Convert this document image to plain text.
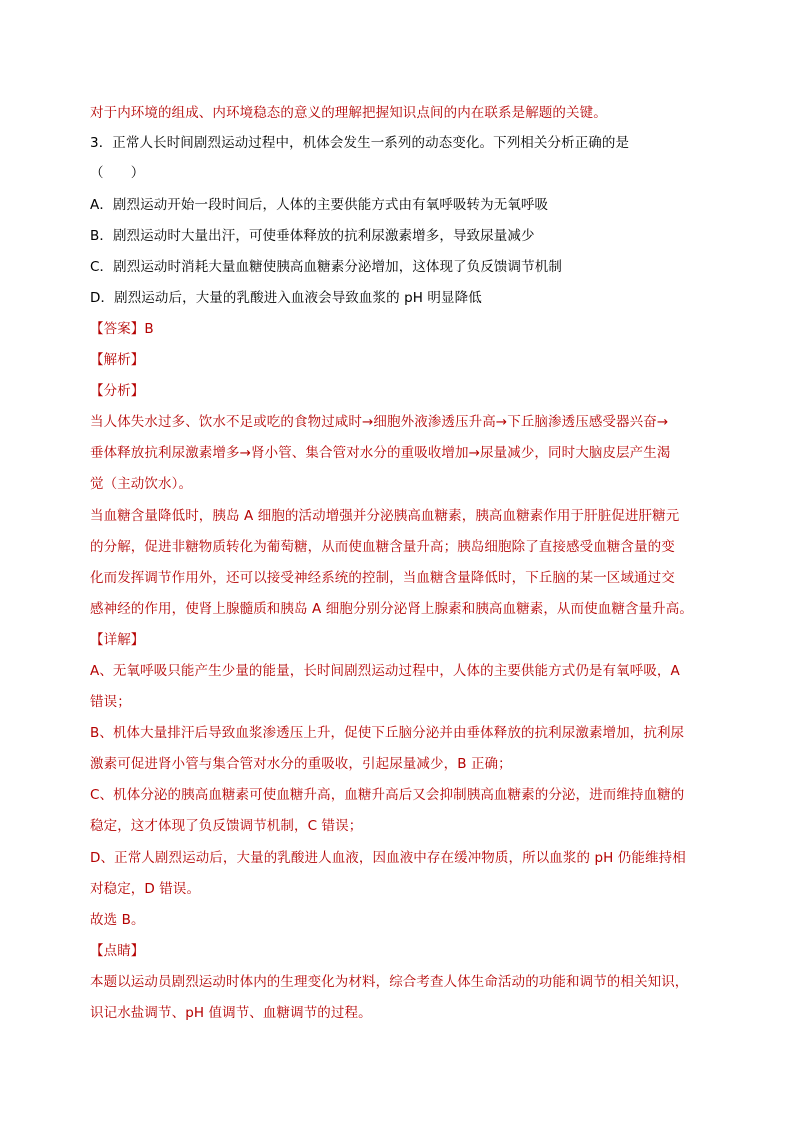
对于内环境的组成、内环境稳态的意义的理解把握知识点间的内在联系是解题的关键。
3．正常人长时间剧烈运动过程中，机体会发生一系列的动态变化。下列相关分析正确的是
（　　）
A．剧烈运动开始一段时间后，人体的主要供能方式由有氧呼吸转为无氧呼吸
B．剧烈运动时大量出汗，可使垂体释放的抗利尿激素增多，导致尿量减少
C．剧烈运动时消耗大量血糖使胰高血糖素分泌增加，这体现了负反馈调节机制
D．剧烈运动后，大量的乳酸进入血液会导致血浆的 pH 明显降低
【答案】B
【解析】
【分析】
当人体失水过多、饮水不足或吃的食物过咸时→细胞外液渗透压升高→下丘脑渗透压感受器兴奋→
垂体释放抗利尿激素增多→肾小管、集合管对水分的重吸收增加→尿量减少，同时大脑皮层产生渴
觉（主动饮水）。
当血糖含量降低时，胰岛 A 细胞的活动增强并分泌胰高血糖素，胰高血糖素作用于肝脏促进肝糖元
的分解，促进非糖物质转化为葡萄糖，从而使血糖含量升高；胰岛细胞除了直接感受血糖含量的变
化而发挥调节作用外，还可以接受神经系统的控制，当血糖含量降低时，下丘脑的某一区域通过交
感神经的作用，使肾上腺髓质和胰岛 A 细胞分别分泌肾上腺素和胰高血糖素，从而使血糖含量升高。
【详解】
A、无氧呼吸只能产生少量的能量，长时间剧烈运动过程中，人体的主要供能方式仍是有氧呼吸，A
错误；
B、机体大量排汗后导致血浆渗透压上升，促使下丘脑分泌并由垂体释放的抗利尿激素增加，抗利尿
激素可促进肾小管与集合管对水分的重吸收，引起尿量减少，B 正确；
C、机体分泌的胰高血糖素可使血糖升高，血糖升高后又会抑制胰高血糖素的分泌，进而维持血糖的
稳定，这才体现了负反馈调节机制，C 错误；
D、正常人剧烈运动后，大量的乳酸进人血液，因血液中存在缓冲物质，所以血浆的 pH 仍能维持相
对稳定，D 错误。
故选 B。
【点睛】
本题以运动员剧烈运动时体内的生理变化为材料，综合考查人体生命活动的功能和调节的相关知识，
识记水盐调节、pH 值调节、血糖调节的过程。
